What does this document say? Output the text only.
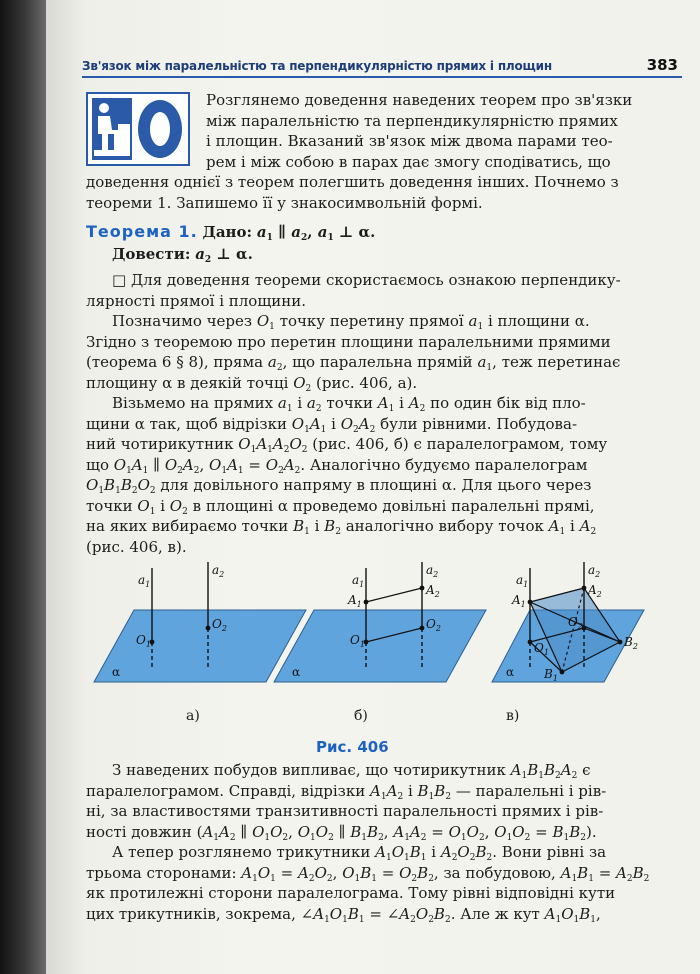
Зв'язок між паралельністю та перпендикулярністю прямих і площин	383

Розглянемо доведення наведених теорем про зв'язки

між паралельністю та перпендикулярністю прямих

і площин. Вказаний зв'язок між двома парами тео-

рем і між собою в парах дає змогу сподіватись, що

доведення однієї з теорем полегшить доведення інших. Почнемо з

теореми 1. Запишемо її у знакосимвольній формі.

Теорема 1. Дано: $a_1$ ∥ $a_2$, $a_1$ ⊥ α.
Довести: $a_2$ ⊥ α.

□ Для доведення теореми скористаємось ознакою перпендику-

лярності прямої і площини.

Позначимо через $O_1$ точку перетину прямої $a_1$ і площини α.

Згідно з теоремою про перетин площини паралельними прямими

(теорема 6 § 8), пряма $a_2$, що паралельна прямій $a_1$, теж перетинає

площину α в деякій точці $O_2$ (рис. 406, а).

Візьмемо на прямих $a_1$ і $a_2$ точки $A_1$ і $A_2$ по один бік від пло-

щини α так, щоб відрізки $O_1A_1$ і $O_2A_2$ були рівними. Побудова-

ний чотирикутник $O_1A_1A_2O_2$ (рис. 406, б) є паралелограмом, тому

що $O_1A_1$ ∥ $O_2A_2$, $O_1A_1 = O_2A_2$. Аналогічно будуємо паралелограм

$O_1B_1B_2O_2$ для довільного напряму в площині α. Для цього через

точки $O_1$ і $O_2$ в площині α проведемо довільні паралельні прямі,

на яких вибираємо точки $B_1$ і $B_2$ аналогічно вибору точок $A_1$ і $A_2$

(рис. 406, в).

$a_1$
$a_2$
$O_1$
$O_2$
α
$a_1$
$a_2$
$A_1$
$A_2$
$O_1$
$O_2$
α
$a_1$
$a_2$
$A_1$
$A_2$
$O_2$
$O_1$
$B_1$
$B_2$
α
а)	б)	в)
Рис. 406

З наведених побудов випливає, що чотирикутник $A_1B_1B_2A_2$ є

паралелограмом. Справді, відрізки $A_1A_2$ і $B_1B_2$ — паралельні і рів-

ні, за властивостями транзитивності паралельності прямих і рів-

ності довжин ($A_1A_2$ ∥ $O_1O_2$, $O_1O_2$ ∥ $B_1B_2$, $A_1A_2 = O_1O_2$, $O_1O_2 = B_1B_2$).

А тепер розглянемо трикутники $A_1O_1B_1$ і $A_2O_2B_2$. Вони рівні за

трьома сторонами: $A_1O_1 = A_2O_2$, $O_1B_1 = O_2B_2$, за побудовою, $A_1B_1 = A_2B_2$

як протилежні сторони паралелограма. Тому рівні відповідні кути

цих трикутників, зокрема, $\angle A_1O_1B_1$ = $\angle A_2O_2B_2$. Але ж кут $A_1O_1B_1$,
